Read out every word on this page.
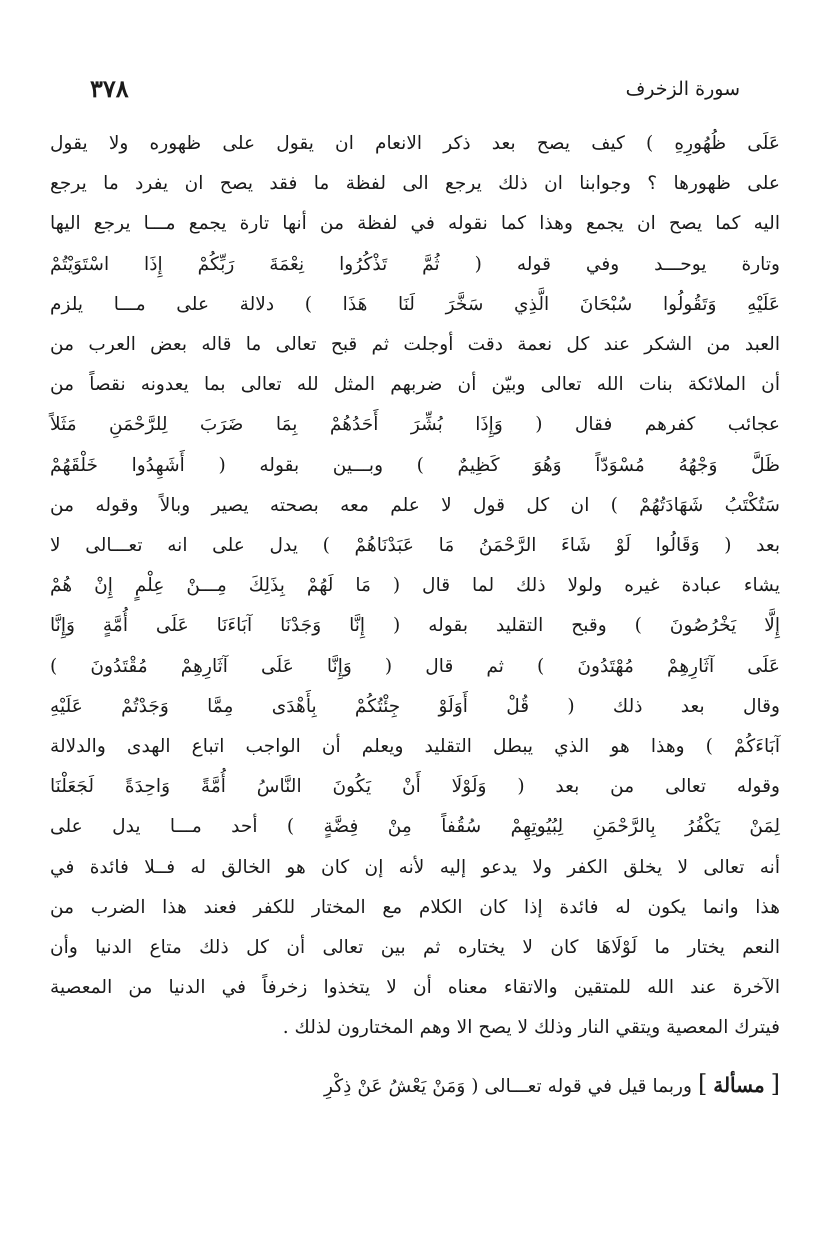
٣٧٨	سورة الزخرف

عَلَى ظُهُورِهِ ) كيف يصح بعد ذكر الانعام ان يقول على ظهوره ولا يقول

على ظهورها ؟ وجوابنا ان ذلك يرجع الى لفظة ما فقد يصح ان يفرد ما يرجع

اليه كما يصح ان يجمع وهذا كما نقوله في لفظة من أنها تارة يجمع مـــا يرجع اليها

وتارة يوحـــد وفي قوله ( ثُمَّ تَذْكُرُوا نِعْمَةَ رَبِّكُمْ إِذَا اسْتَوَيْتُمْ

عَلَيْهِ وَتَقُولُوا سُبْحَانَ الَّذِي سَخَّرَ لَنَا هَذَا ) دلالة على مـــا يلزم

العبد من الشكر عند كل نعمة دقت أوجلت ثم قبح تعالى ما قاله بعض العرب من

أن الملائكة بنات الله تعالى وبيّن أن ضربهم المثل لله تعالى بما يعدونه نقصاً من

عجائب كفرهم فقال ( وَإِذَا بُشِّرَ أَحَدُهُمْ بِمَا ضَرَبَ لِلرَّحْمَنِ مَثَلاً

ظَلَّ وَجْهُهُ مُسْوَدّاً وَهُوَ كَظِيمٌ ) وبـــين بقوله ( أَشَهِدُوا خَلْقَهُمْ

سَتُكْتَبُ شَهَادَتُهُمْ ) ان كل قول لا علم معه بصحته يصير وبالاً وقوله من

بعد ( وَقَالُوا لَوْ شَاءَ الرَّحْمَنُ مَا عَبَدْنَاهُمْ ) يدل على انه تعـــالى لا

يشاء عبادة غيره ولولا ذلك لما قال ( مَا لَهُمْ بِذَلِكَ مِـــنْ عِلْمٍ إِنْ هُمْ

إِلَّا يَخْرُصُونَ ) وقبح التقليد بقوله ( إِنَّا وَجَدْنَا آبَاءَنَا عَلَى أُمَّةٍ وَإِنَّا

عَلَى آثَارِهِمْ مُهْتَدُونَ ) ثم قال ( وَإِنَّا عَلَى آثَارِهِمْ مُقْتَدُونَ )

وقال بعد ذلك ( قُلْ أَوَلَوْ جِئْتُكُمْ بِأَهْدَى مِمَّا وَجَدْتُمْ عَلَيْهِ

آبَاءَكُمْ ) وهذا هو الذي يبطل التقليد ويعلم أن الواجب اتباع الهدى والدلالة

وقوله تعالى من بعد ( وَلَوْلَا أَنْ يَكُونَ النَّاسُ أُمَّةً وَاحِدَةً لَجَعَلْنَا

لِمَنْ يَكْفُرُ بِالرَّحْمَنِ لِبُيُوتِهِمْ سُقُفاً مِنْ فِضَّةٍ ) أحد مـــا يدل على

أنه تعالى لا يخلق الكفر ولا يدعو إليه لأنه إن كان هو الخالق له فــلا فائدة في

هذا وانما يكون له فائدة إذا كان الكلام مع المختار للكفر فعند هذا الضرب من

النعم يختار ما لَوْلَاهَا كان لا يختاره ثم بين تعالى أن كل ذلك متاع الدنيا وأن

الآخرة عند الله للمتقين والاتقاء معناه أن لا يتخذوا زخرفاً في الدنيا من المعصية

فيترك المعصية ويتقي النار وذلك لا يصح الا وهم المختارون لذلك .

[ مسألة ] وربما قيل في قوله تعـــالى ( وَمَنْ يَعْشُ عَنْ ذِكْرِ
